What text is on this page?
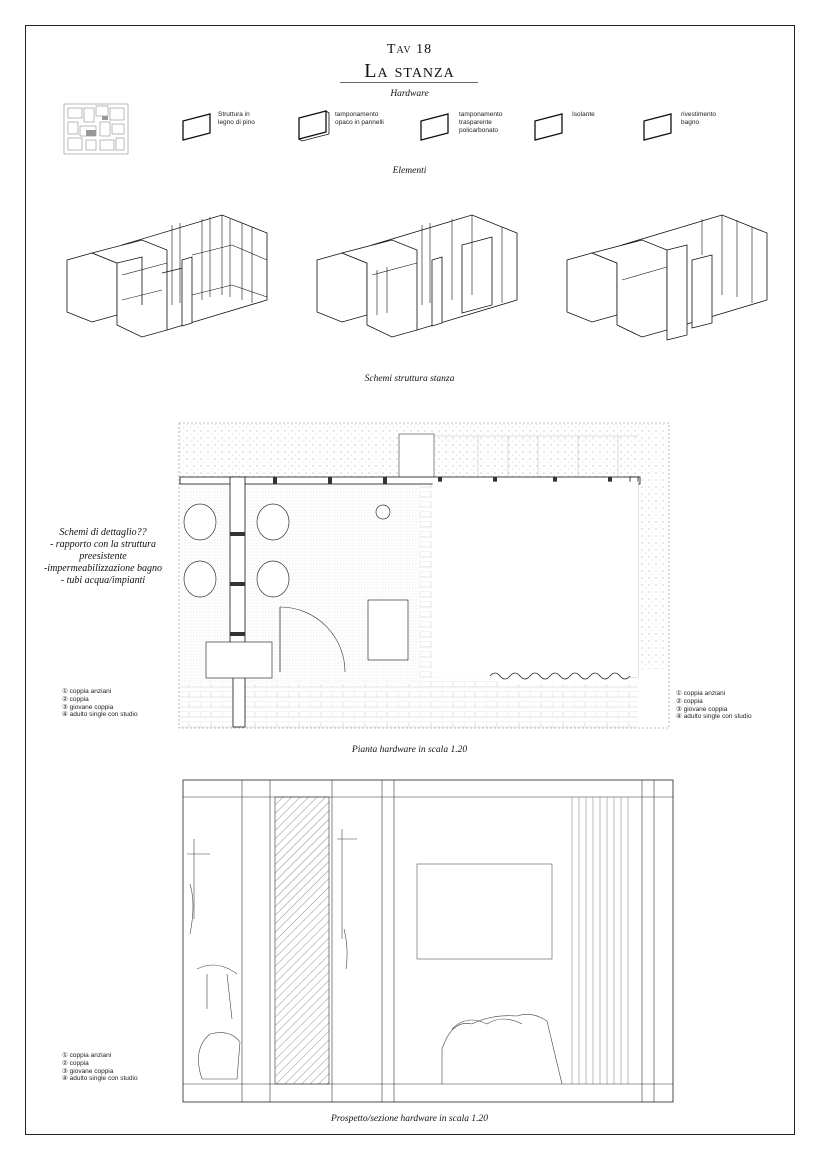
Tav 18
La stanza
Hardware
Struttura in legno di pino
tamponamento opaco in pannelli
tamponamento trasparente policarbonato
Isolante	rivestimento bagno
Elementi
Schemi struttura stanza
Schemi di dettaglio??
- rapporto con la struttura preesistente
-impermeabilizzazione bagno
- tubi acqua/impianti
① coppia anziani
② coppia
③ giovane coppia
④ adulto single con studio
① coppia anziani
② coppia
③ giovane coppia
④ adulto single con studio
Pianta hardware in scala 1.20
① coppia anziani
② coppia
③ giovane coppia
④ adulto single con studio
Prospetto/sezione hardware in scala 1.20
